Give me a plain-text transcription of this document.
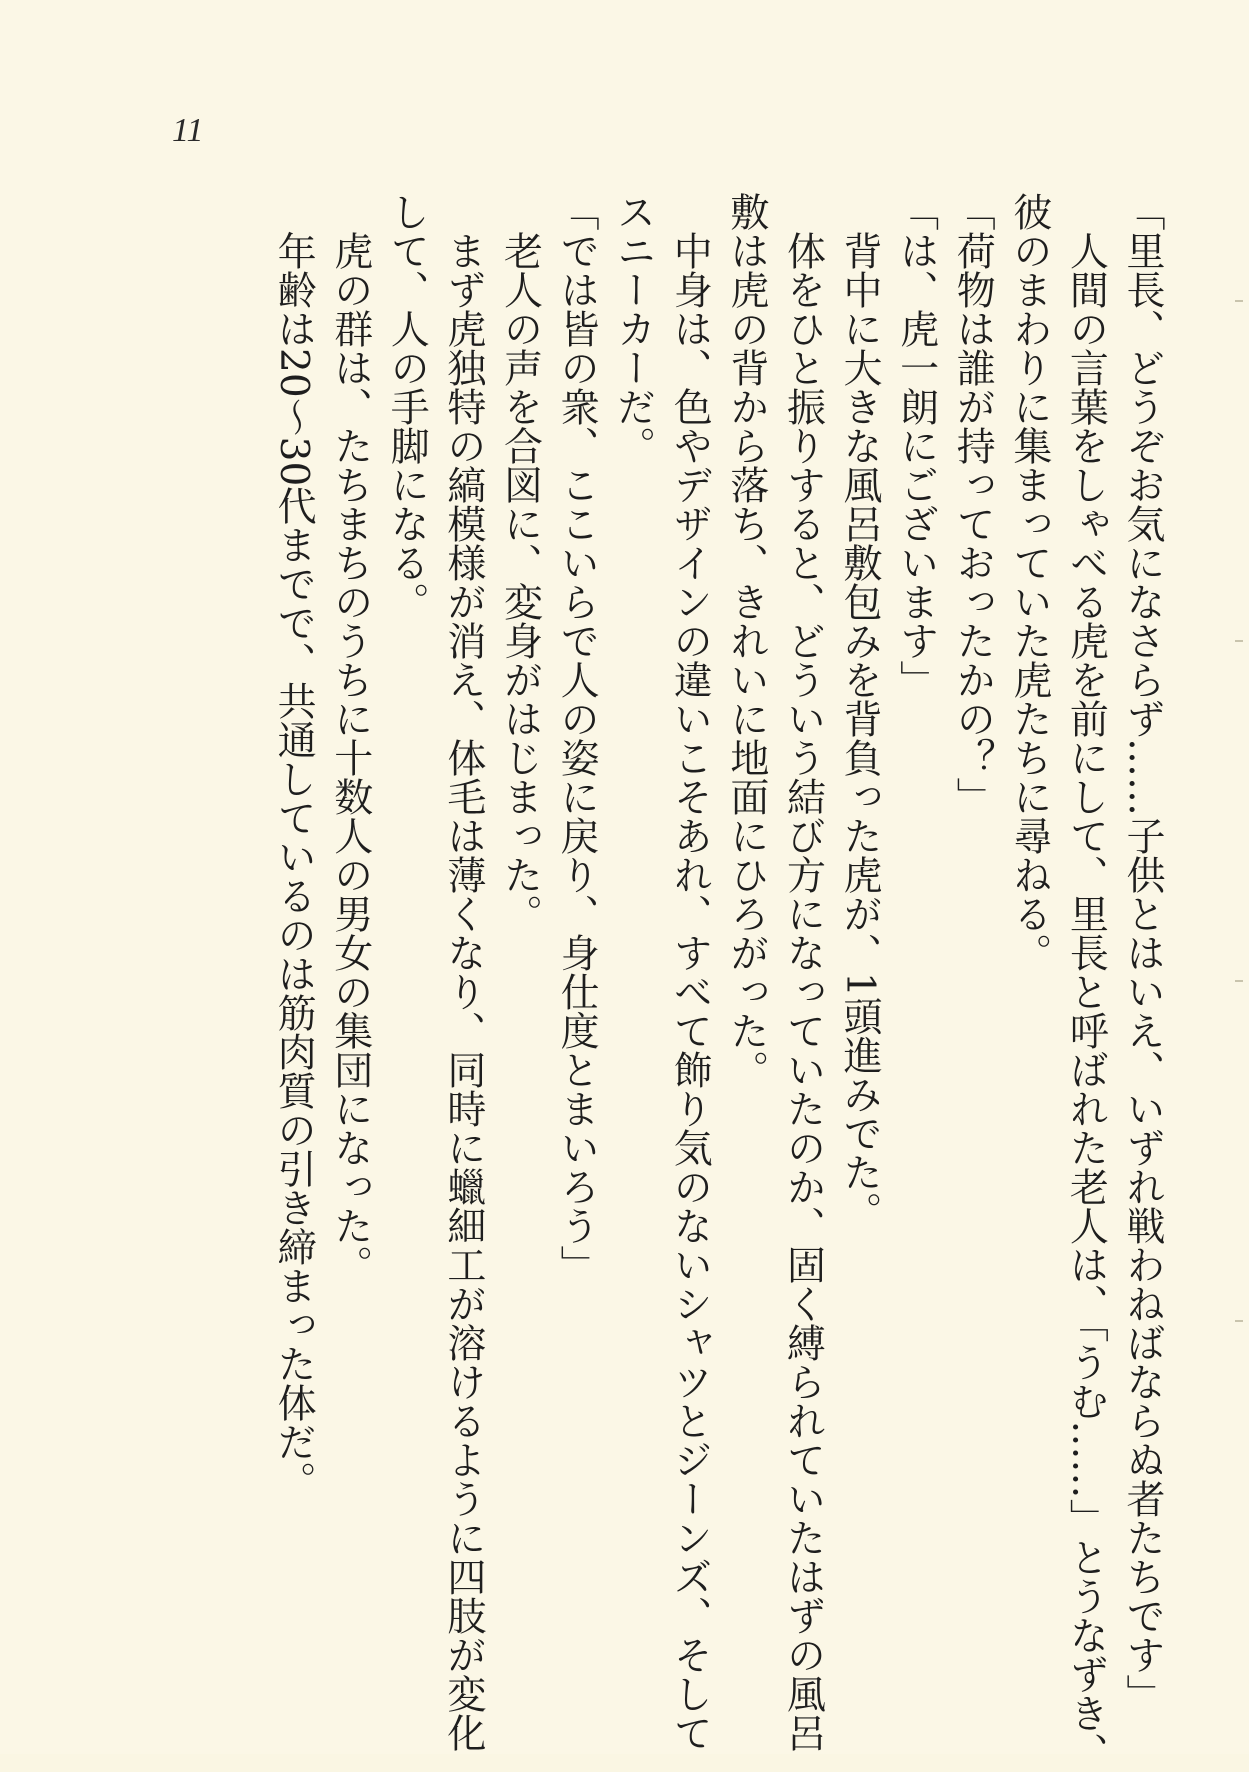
11
「里長、どうぞお気になさらず……子供とはいえ、いずれ戦わねばならぬ者たちです」
人間の言葉をしゃべる虎を前にして、里長と呼ばれた老人は、「うむ……」とうなずき、
彼のまわりに集まっていた虎たちに尋ねる。
「荷物は誰が持っておったかの？」
「は、虎一朗にございます」
背中に大きな風呂敷包みを背負った虎が、1頭進みでた。
体をひと振りすると、どういう結び方になっていたのか、固く縛られていたはずの風呂
敷は虎の背から落ち、きれいに地面にひろがった。
中身は、色やデザインの違いこそあれ、すべて飾り気のないシャツとジーンズ、そして
スニーカーだ。
「では皆の衆、ここいらで人の姿に戻り、身仕度とまいろう」
老人の声を合図に、変身がはじまった。
まず虎独特の縞模様が消え、体毛は薄くなり、同時に蠟細工が溶けるように四肢が変化
して、人の手脚になる。
虎の群は、たちまちのうちに十数人の男女の集団になった。
年齢は20～30代までで、共通しているのは筋肉質の引き締まった体だ。
